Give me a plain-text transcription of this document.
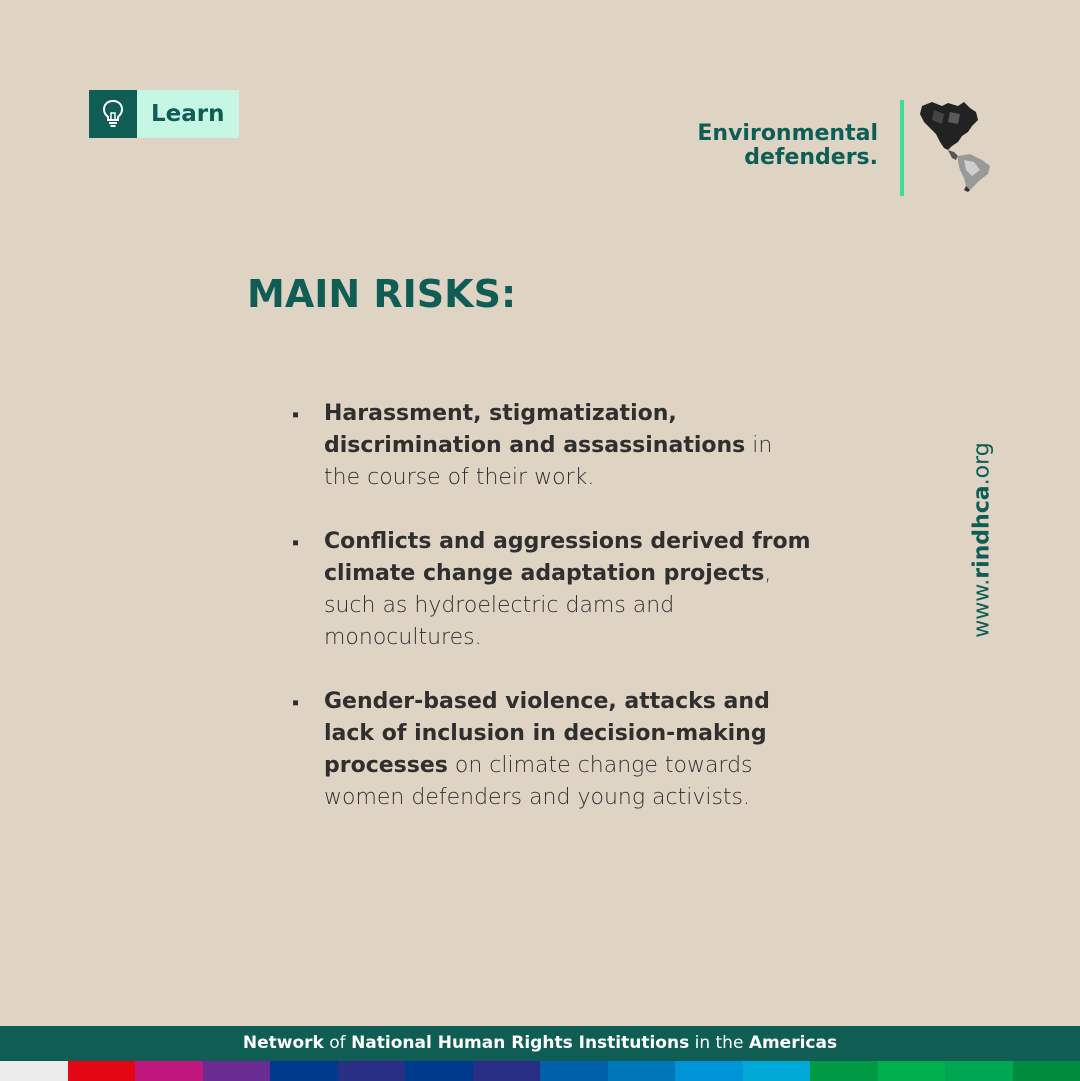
Learn
Environmental
defenders.
MAIN RISKS:
▪ Harassment, stigmatization, discrimination and assassinations in the course of their work.
▪ Conflicts and aggressions derived from climate change adaptation projects, such as hydroelectric dams and monocultures.
▪ Gender-based violence, attacks and lack of inclusion in decision-making processes on climate change towards women defenders and young activists.
www.rindhca.org
Network of National Human Rights Institutions in the Americas
